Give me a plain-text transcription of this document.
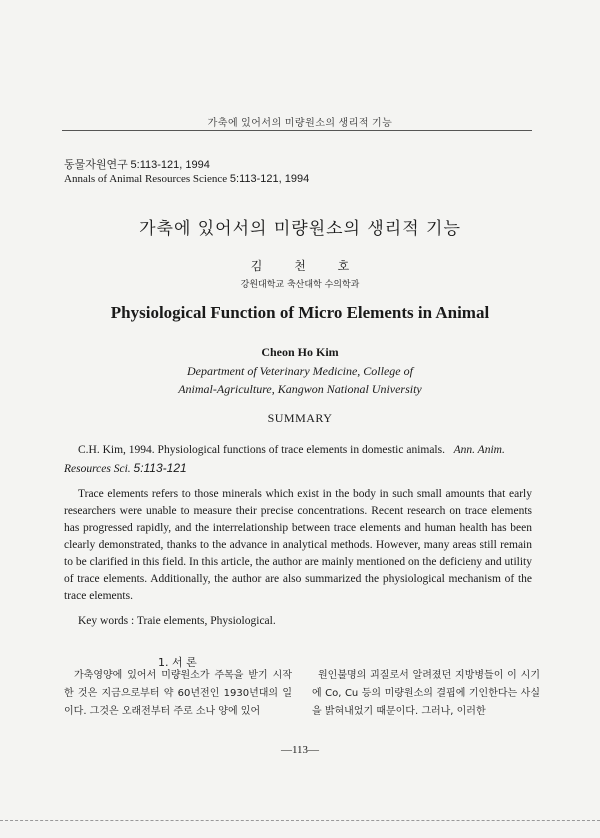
가축에 있어서의 미량원소의 생리적 기능
동물자원연구 5:113-121, 1994
Annals of Animal Resources Science 5:113-121, 1994
가축에 있어서의 미량원소의 생리적 기능
김 천 호
강원대학교 축산대학 수의학과
Physiological Function of Micro Elements in Animal
Cheon Ho Kim
Department of Veterinary Medicine, College of
Animal-Agriculture, Kangwon National University
SUMMARY
C.H. Kim, 1994. Physiological functions of trace elements in domestic animals. Ann. Anim.
Resources Sci. 5:113-121
Trace elements refers to those minerals which exist in the body in such small amounts that early researchers were unable to measure their precise concentrations. Recent research on trace elements has progressed rapidly, and the interrelationship between trace elements and human health has been clearly demonstrated, thanks to the advance in analytical methods. However, many areas still remain to be clarified in this field. In this article, the author are mainly mentioned on the deficieny and utility of trace elements. Additionally, the author are also summarized the physiological mechanism of the trace elements.
Key words : Traie elements, Physiological.
1. 서 론
가축영양에 있어서 미량원소가 주목을 받기 시작한 것은 지금으로부터 약 60년전인 1930년대의 일이다. 그것은 오래전부터 주로 소나 양에 있어
원인불명의 괴질로서 알려졌던 지방병들이 이 시기에 Co, Cu 등의 미량원소의 결핍에 기인한다는 사실을 밝혀내었기 때문이다. 그러나, 이러한
—113—
